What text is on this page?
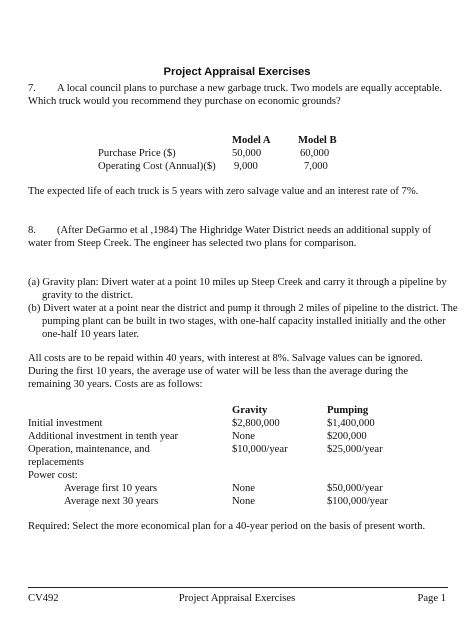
Project Appraisal Exercises
7. A local council plans to purchase a new garbage truck. Two models are equally acceptable. Which truck would you recommend they purchase on economic grounds?
Model A	Model B
Purchase Price ($)	50,000	60,000
Operating Cost (Annual)($) 9,000	7,000
The expected life of each truck is 5 years with zero salvage value and an interest rate of 7%.
8. (After DeGarmo et al ,1984) The Highridge Water District needs an additional supply of water from Steep Creek. The engineer has selected two plans for comparison.
(a) Gravity plan: Divert water at a point 10 miles up Steep Creek and carry it through a pipeline by gravity to the district.
(b) Divert water at a point near the district and pump it through 2 miles of pipeline to the district. The pumping plant can be built in two stages, with one-half capacity installed initially and the other one-half 10 years later.
All costs are to be repaid within 40 years, with interest at 8%. Salvage values can be ignored. During the first 10 years, the average use of water will be less than the average during the remaining 30 years. Costs are as follows:
Gravity	Pumping
Initial investment	$2,800,000	$1,400,000
Additional investment in tenth year	None	$200,000
Operation, maintenance, and	$10,000/year	$25,000/year
replacements
Power cost:
Average first 10 years	None	$50,000/year
Average next 30 years	None	$100,000/year
Required: Select the more economical plan for a 40-year period on the basis of present worth.
CV492	Project Appraisal Exercises	Page 1
